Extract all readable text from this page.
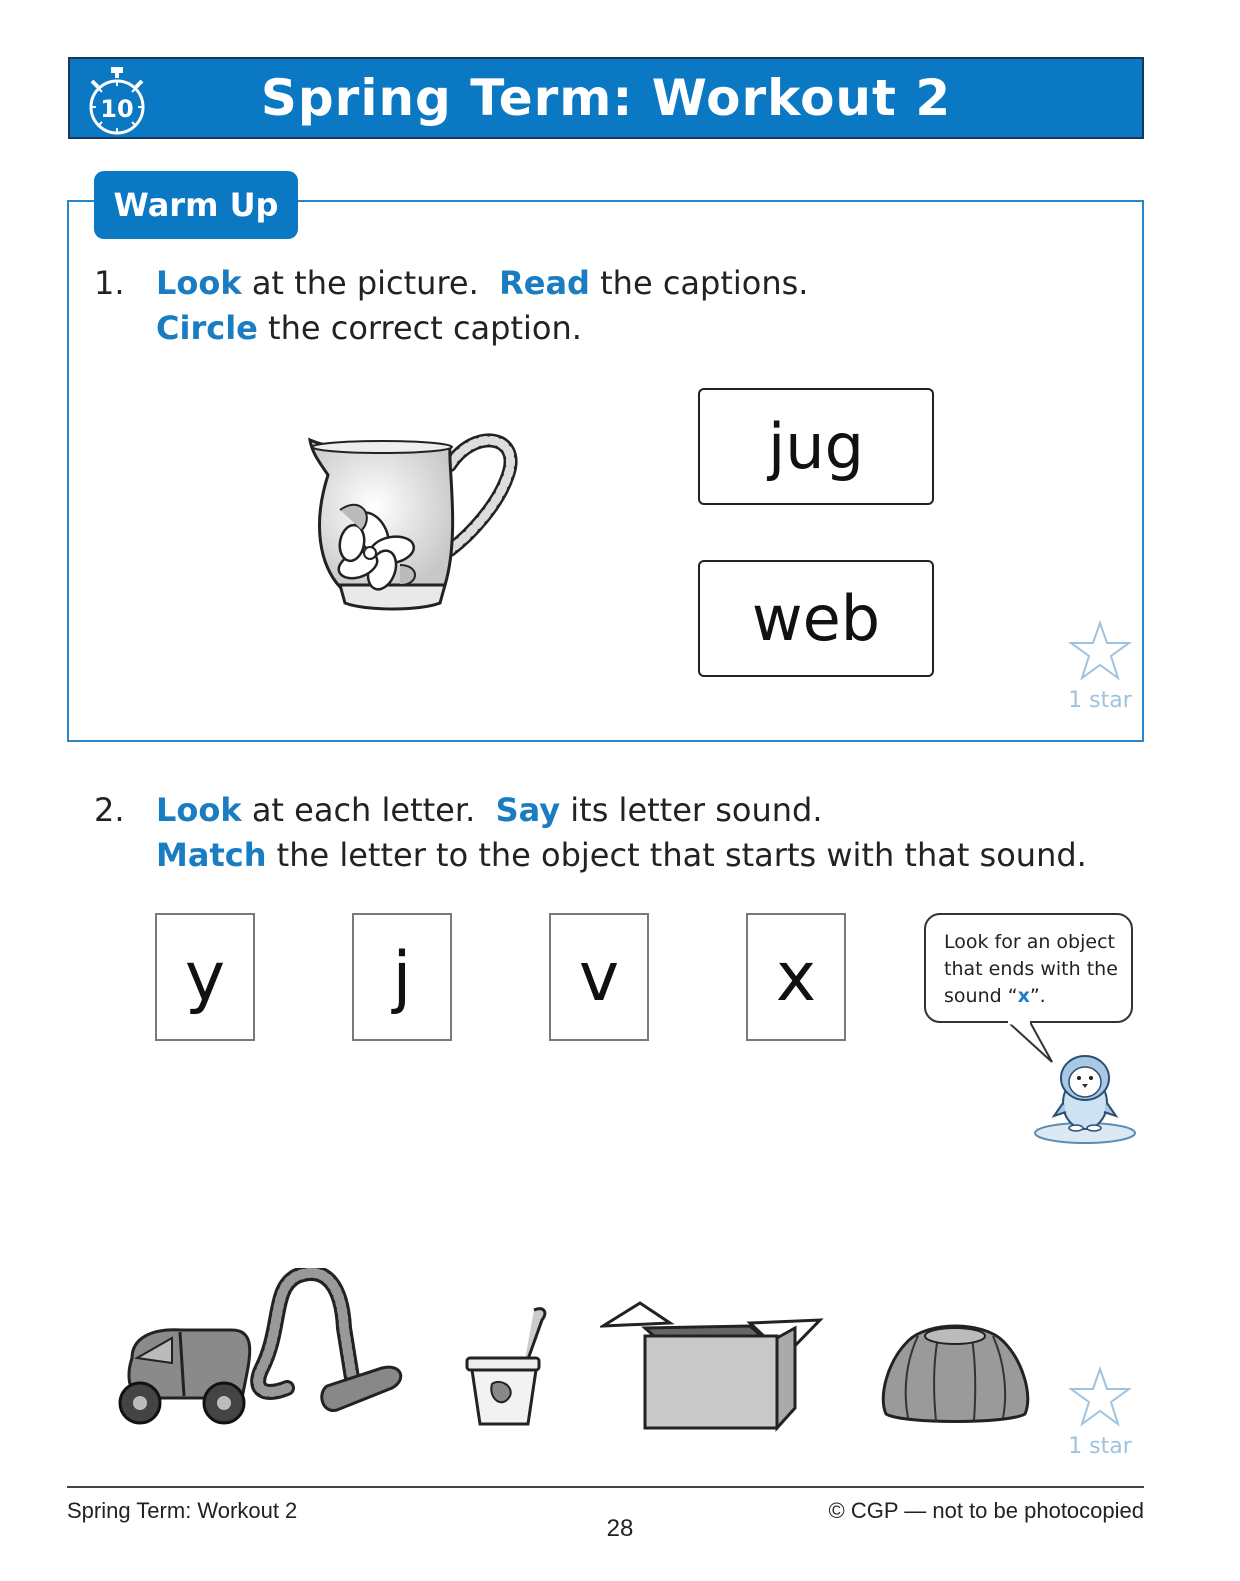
10	Spring Term: Workout 2
Warm Up
1. Look at the picture. Read the captions.
Circle the correct caption.
jug
web
1 star
2. Look at each letter. Say its letter sound.
Match the letter to the object that starts with that sound.
y j v x	Look for an object
that ends with the
sound “x”.
1 star
Spring Term: Workout 2	© CGP — not to be photocopied
28
